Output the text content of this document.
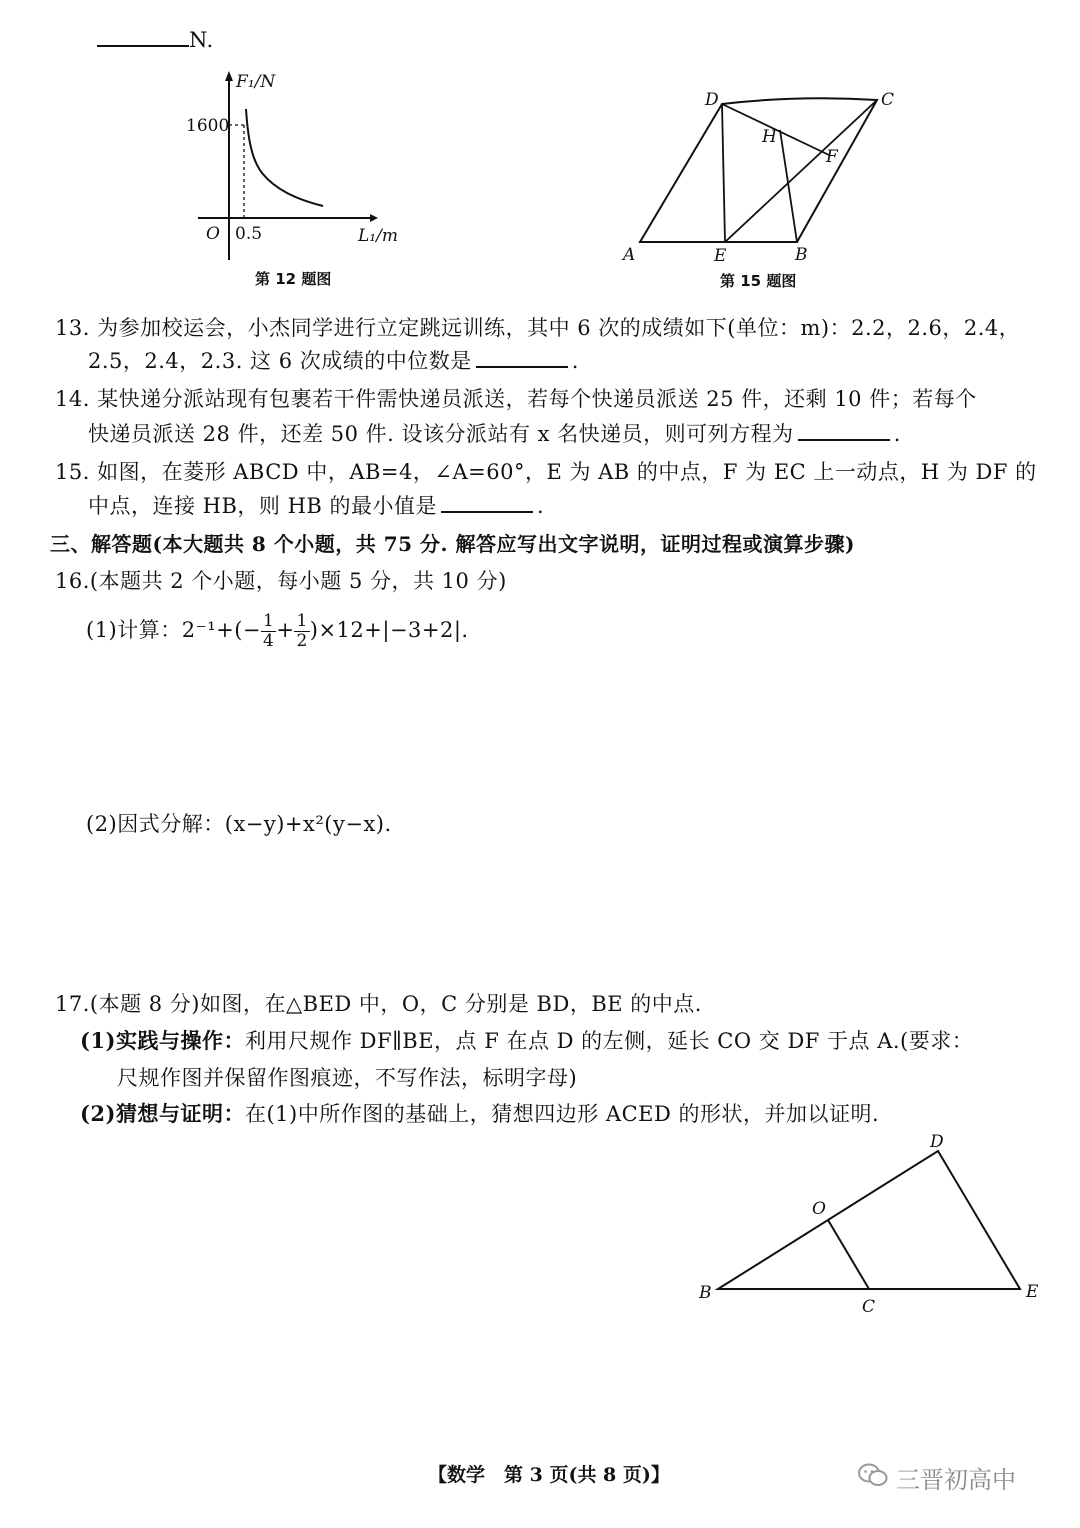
N.
F₁/N
1600
0.5
O	L₁/m
第 12 题图
A	B
C
D
E
F
H
第 15 题图
13. 为参加校运会，小杰同学进行立定跳远训练，其中 6 次的成绩如下(单位：m)：2.2，2.6，2.4，
2.5，2.4，2.3. 这 6 次成绩的中位数是	.
14. 某快递分派站现有包裹若干件需快递员派送，若每个快递员派送 25 件，还剩 10 件；若每个
快递员派送 28 件，还差 50 件. 设该分派站有 x 名快递员，则可列方程为	.
15. 如图，在菱形 ABCD 中，AB=4，∠A=60°，E 为 AB 的中点，F 为 EC 上一动点，H 为 DF 的
中点，连接 HB，则 HB 的最小值是	.
三、解答题(本大题共 8 个小题，共 75 分. 解答应写出文字说明，证明过程或演算步骤)
16.(本题共 2 个小题，每小题 5 分，共 10 分)
(1)计算：$2^{-1}+(- \frac{1}{4} + \frac{1}{2} )\times 12+|-3+2|$.
(2)因式分解：(x−y)+x²(y−x).
17.(本题 8 分)如图，在△BED 中，O，C 分别是 BD，BE 的中点.
(1)实践与操作：利用尺规作 DF∥BE，点 F 在点 D 的左侧，延长 CO 交 DF 于点 A.(要求：
尺规作图并保留作图痕迹，不写作法，标明字母)
(2)猜想与证明：在(1)中所作图的基础上，猜想四边形 ACED 的形状，并加以证明.
B
C
D
E
O
【数学　第 3 页(共 8 页)】	三晋初高中
